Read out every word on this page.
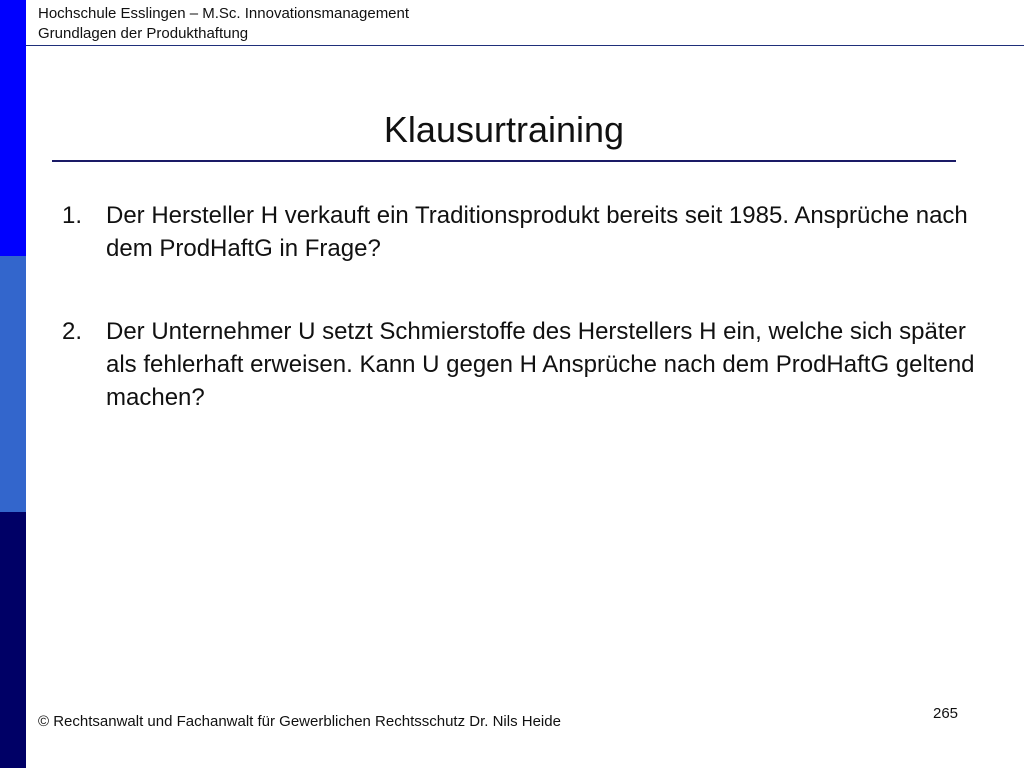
Hochschule Esslingen – M.Sc. Innovationsmanagement
Grundlagen der Produkthaftung
Klausurtraining
1. Der Hersteller H verkauft ein Traditionsprodukt bereits seit 1985. Ansprüche nach dem ProdHaftG in Frage?
2. Der Unternehmer U setzt Schmierstoffe des Herstellers H ein, welche sich später als fehlerhaft erweisen. Kann U gegen H Ansprüche nach dem ProdHaftG geltend machen?
265
© Rechtsanwalt und Fachanwalt für Gewerblichen Rechtsschutz Dr. Nils Heide
